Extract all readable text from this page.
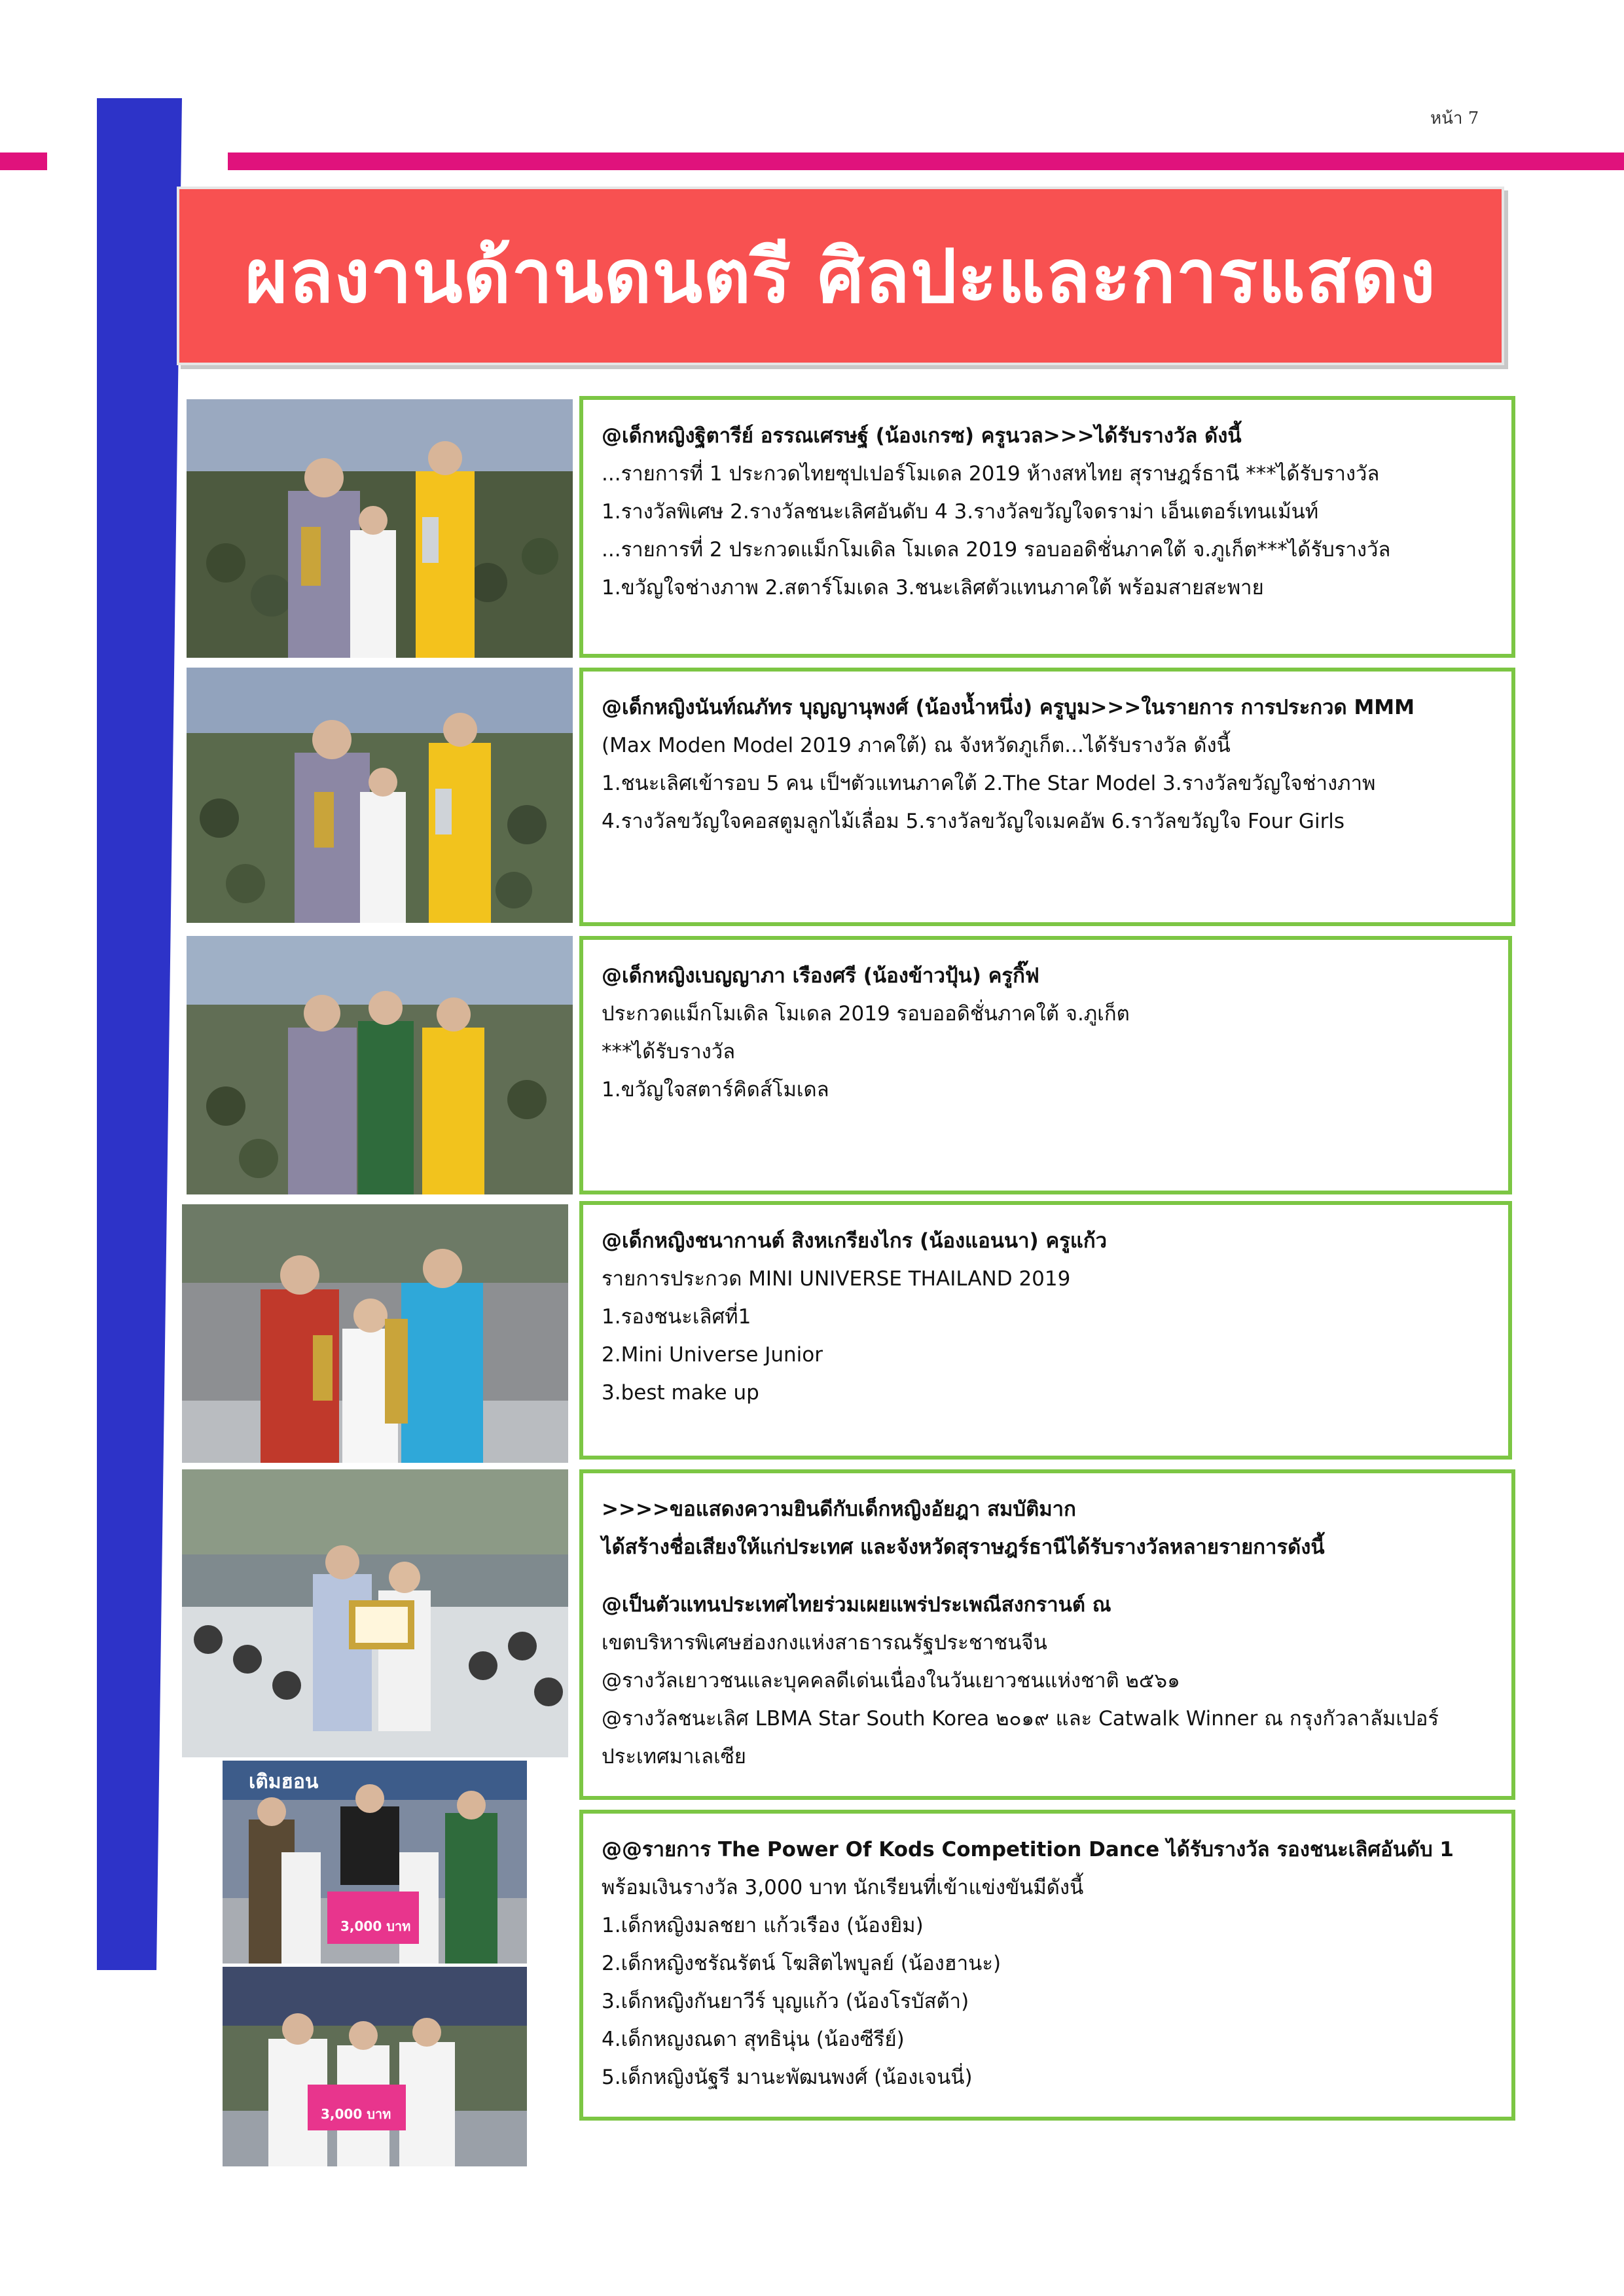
หน้า 7
ผลงานด้านดนตรี ศิลปะและการแสดง
@เด็กหญิงฐิตารีย์ อรรณเศรษฐ์ (น้องเกรซ) ครูนวล>>>ได้รับรางวัล ดังนี้
...รายการที่ 1 ประกวดไทยซุปเปอร์โมเดล 2019 ห้างสหไทย สุราษฎร์ธานี ***ได้รับรางวัล
1.รางวัลพิเศษ 2.รางวัลชนะเลิศอันดับ 4 3.รางวัลขวัญใจดราม่า เอ็นเตอร์เทนเม้นท์
...รายการที่ 2 ประกวดแม็กโมเดิล โมเดล 2019 รอบออดิชั่นภาคใต้ จ.ภูเก็ต***ได้รับรางวัล
1.ขวัญใจช่างภาพ 2.สตาร์โมเดล 3.ชนะเลิศตัวแทนภาคใต้ พร้อมสายสะพาย
@เด็กหญิงนันท์ณภัทร บุญญานุพงศ์ (น้องน้ำหนึ่ง) ครูบูม>>>ในรายการ การประกวด MMM
(Max Moden Model 2019 ภาคใต้) ณ จังหวัดภูเก็ต...ได้รับรางวัล ดังนี้
1.ชนะเลิศเข้ารอบ 5 คน เป็ฯตัวแทนภาคใต้ 2.The Star Model 3.รางวัลขวัญใจช่างภาพ
4.รางวัลขวัญใจคอสตูมลูกไม้เลื่อม 5.รางวัลขวัญใจเมคอัพ 6.ราวัลขวัญใจ Four Girls
@เด็กหญิงเบญญาภา เรืองศรี (น้องข้าวปุ้น) ครูกิ๊ฟ
ประกวดแม็กโมเดิล โมเดล 2019 รอบออดิชั่นภาคใต้ จ.ภูเก็ต
***ได้รับรางวัล
1.ขวัญใจสตาร์คิดส์โมเดล
@เด็กหญิงชนากานต์ สิงหเกรียงไกร (น้องแอนนา) ครูแก้ว
รายการประกวด MINI UNIVERSE THAILAND 2019
1.รองชนะเลิศที่1
2.Mini Universe Junior
3.best make up
>>>>ขอแสดงความยินดีกับเด็กหญิงอัยฎา สมบัติมาก
ได้สร้างชื่อเสียงให้แก่ประเทศ และจังหวัดสุราษฎร์ธานีได้รับรางวัลหลายรายการดังนี้
@เป็นตัวแทนประเทศไทยร่วมเผยแพร่ประเพณีสงกรานต์ ณ
เขตบริหารพิเศษฮ่องกงแห่งสาธารณรัฐประชาชนจีน
@รางวัลเยาวชนและบุคคลดีเด่นเนื่องในวันเยาวชนแห่งชาติ ๒๕๖๑
@รางวัลชนะเลิศ LBMA Star South Korea ๒๐๑๙ และ Catwalk Winner ณ กรุงกัวลาลัมเปอร์
ประเทศมาเลเซีย
เติมฮอน
3,000 บาท
3,000 บาท
@@รายการ The Power Of Kods Competition Dance ได้รับรางวัล รองชนะเลิศอันดับ 1
พร้อมเงินรางวัล 3,000 บาท นักเรียนที่เข้าแข่งขันมีดังนี้
1.เด็กหญิงมลชยา แก้วเรือง (น้องยิม)
2.เด็กหญิงชรัณรัตน์ โฆสิตไพบูลย์ (น้องฮานะ)
3.เด็กหญิงกันยาวีร์ บุญแก้ว (น้องโรบัสต้า)
4.เด็กหญงณดา สุทธินุ่น (น้องซีรีย์)
5.เด็กหญิงนัฐรี มานะพัฒนพงศ์ (น้องเจนนี่)
